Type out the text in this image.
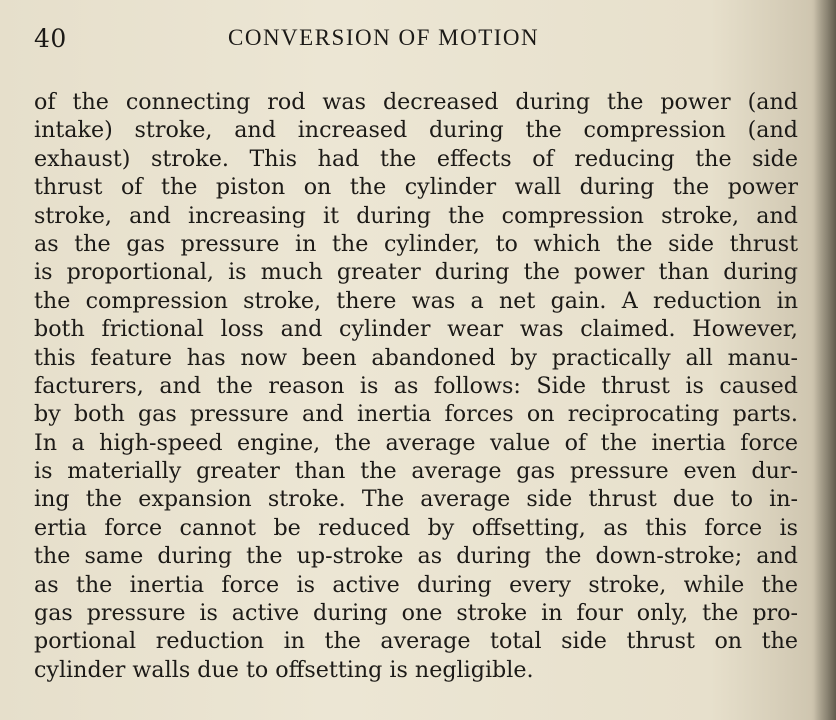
40	CONVERSION OF MOTION
of the connecting rod was decreased during the power (and
intake) stroke, and increased during the compression (and
exhaust) stroke. This had the effects of reducing the side
thrust of the piston on the cylinder wall during the power
stroke, and increasing it during the compression stroke, and
as the gas pressure in the cylinder, to which the side thrust
is proportional, is much greater during the power than during
the compression stroke, there was a net gain. A reduction in
both frictional loss and cylinder wear was claimed. However,
this feature has now been abandoned by practically all manu-
facturers, and the reason is as follows: Side thrust is caused
by both gas pressure and inertia forces on reciprocating parts.
In a high-speed engine, the average value of the inertia force
is materially greater than the average gas pressure even dur-
ing the expansion stroke. The average side thrust due to in-
ertia force cannot be reduced by offsetting, as this force is
the same during the up-stroke as during the down-stroke; and
as the inertia force is active during every stroke, while the
gas pressure is active during one stroke in four only, the pro-
portional reduction in the average total side thrust on the
cylinder walls due to offsetting is negligible.
